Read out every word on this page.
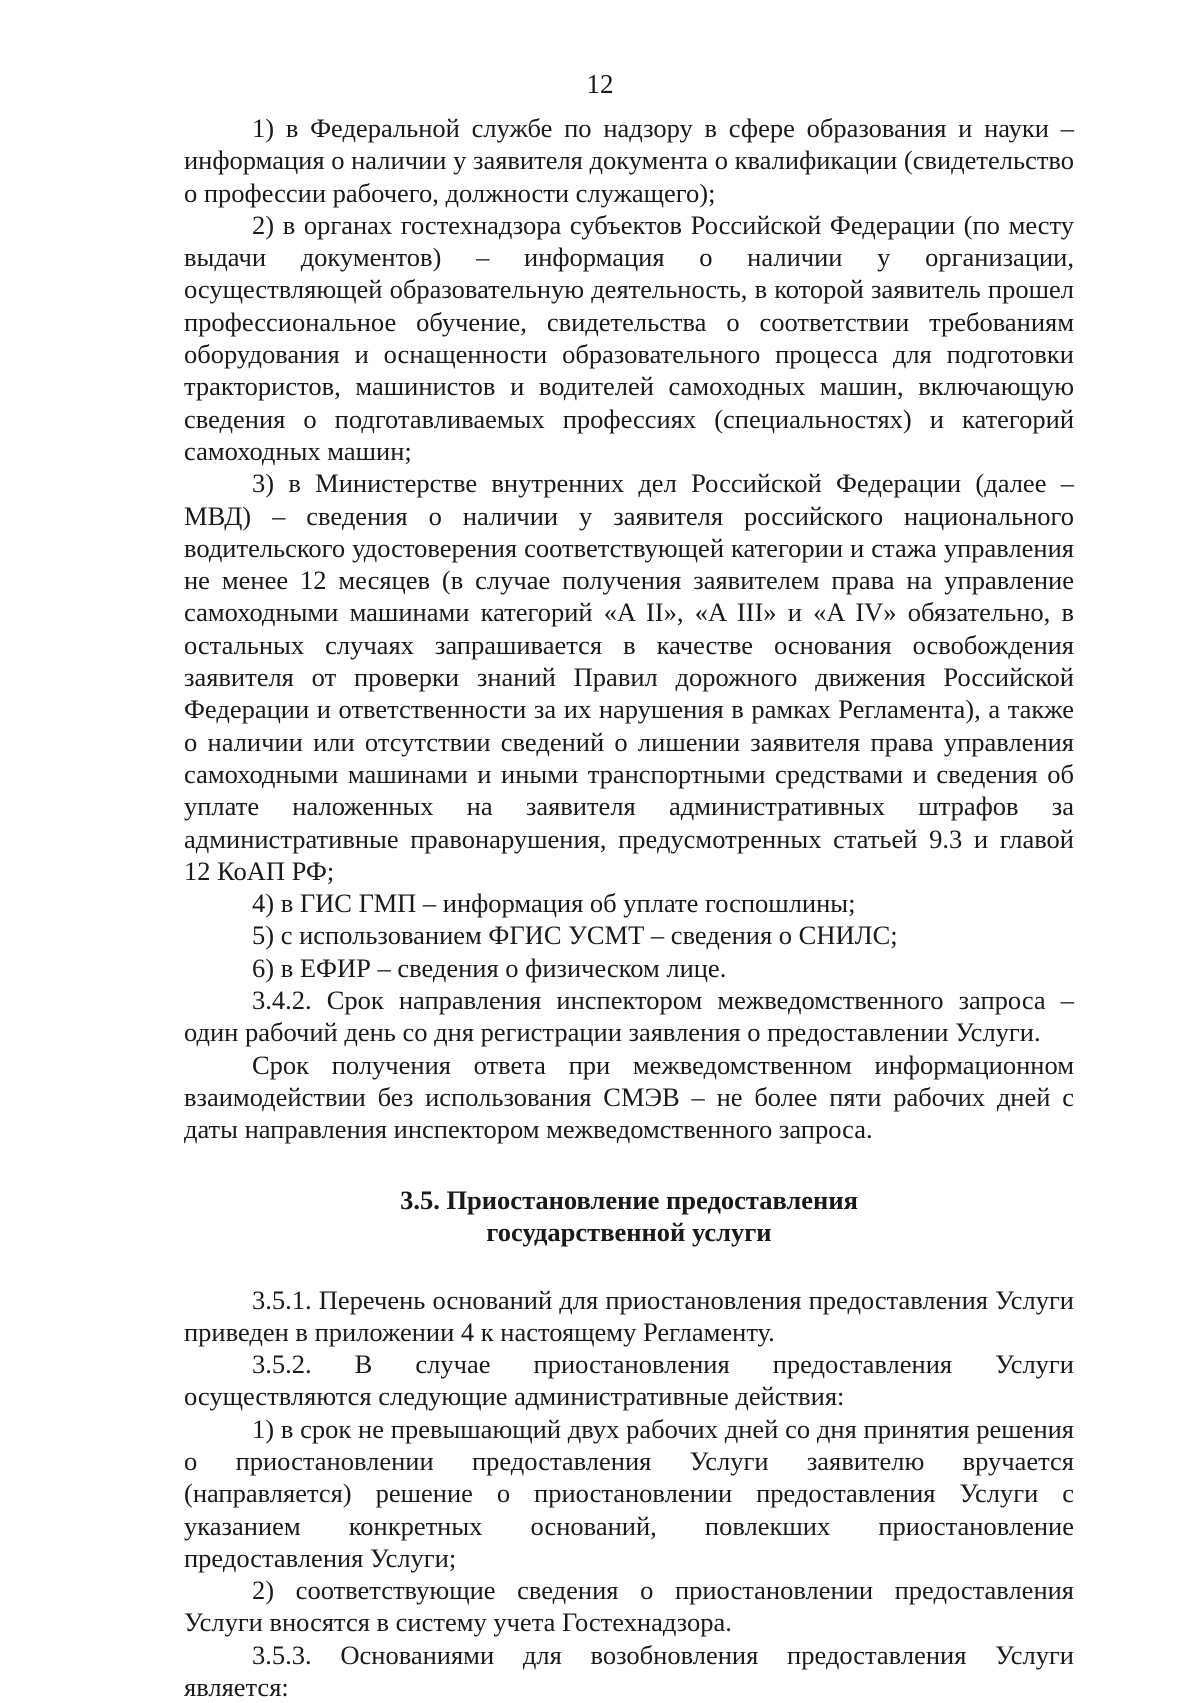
12

1) в Федеральной службе по надзору в сфере образования и науки – информация о наличии у заявителя документа о квалификации (свидетельство о профессии рабочего, должности служащего);

2) в органах гостехнадзора субъектов Российской Федерации (по месту выдачи документов) – информация о наличии у организации, осуществляющей образовательную деятельность, в которой заявитель прошел профессиональное обучение, свидетельства о соответствии требованиям оборудования и оснащенности образовательного процесса для подготовки трактористов, машинистов и водителей самоходных машин, включающую сведения о подготавливаемых профессиях (специальностях) и категорий самоходных машин;

3) в Министерстве внутренних дел Российской Федерации (далее – МВД) – сведения о наличии у заявителя российского национального водительского удостоверения соответствующей категории и стажа управления не менее 12 месяцев (в случае получения заявителем права на управление самоходными машинами категорий «A II», «A III» и «A IV» обязательно, в остальных случаях запрашивается в качестве основания освобождения заявителя от проверки знаний Правил дорожного движения Российской Федерации и ответственности за их нарушения в рамках Регламента), а также о наличии или отсутствии сведений о лишении заявителя права управления самоходными машинами и иными транспортными средствами и сведения об уплате наложенных на заявителя административных штрафов за административные правонарушения, предусмотренных статьей 9.3 и главой 12 КоАП РФ;

4) в ГИС ГМП – информация об уплате госпошлины;

5) с использованием ФГИС УСМТ – сведения о СНИЛС;

6) в ЕФИР – сведения о физическом лице.

3.4.2. Срок направления инспектором межведомственного запроса – один рабочий день со дня регистрации заявления о предоставлении Услуги.

Срок получения ответа при межведомственном информационном взаимодействии без использования СМЭВ – не более пяти рабочих дней с даты направления инспектором межведомственного запроса.

3.5. Приостановление предоставления
государственной услуги

3.5.1. Перечень оснований для приостановления предоставления Услуги приведен в приложении 4 к настоящему Регламенту.

3.5.2. В случае приостановления предоставления Услуги осуществляются следующие административные действия:

1) в срок не превышающий двух рабочих дней со дня принятия решения о приостановлении предоставления Услуги заявителю вручается (направляется) решение о приостановлении предоставления Услуги с указанием конкретных оснований, повлекших приостановление предоставления Услуги;

2) соответствующие сведения о приостановлении предоставления Услуги вносятся в систему учета Гостехнадзора.

3.5.3. Основаниями для возобновления предоставления Услуги является:
